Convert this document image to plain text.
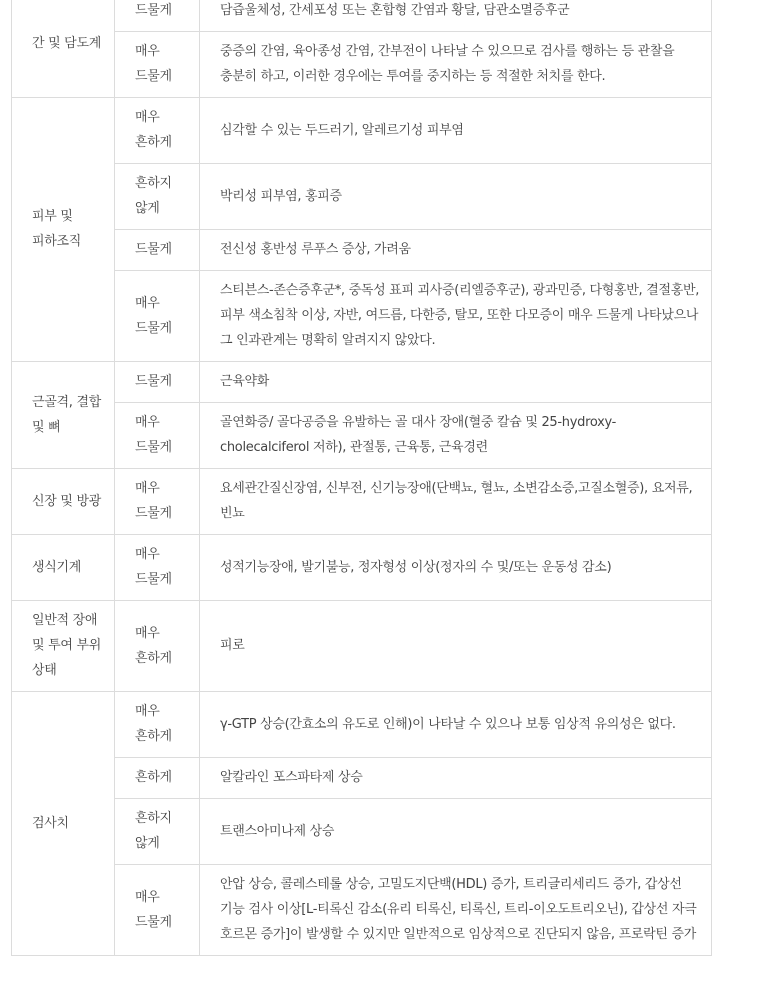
간 및 담도계	드물게	담즙울체성, 간세포성 또는 혼합형 간염과 황달, 담관소멸증후군
	매우 드물게	중증의 간염, 육아종성 간염, 간부전이 나타날 수 있으므로 검사를 행하는 등 관찰을 충분히 하고, 이러한 경우에는 투여를 중지하는 등 적절한 처치를 한다.
피부 및 피하조직	매우 흔하게	심각할 수 있는 두드러기, 알레르기성 피부염
	흔하지 않게	박리성 피부염, 홍피증
	드물게	전신성 홍반성 루푸스 증상, 가려움
	매우 드물게	스티븐스-존슨증후군*, 중독성 표피 괴사증(리엘증후군), 광과민증, 다형홍반, 결절홍반, 피부 색소침착 이상, 자반, 여드름, 다한증, 탈모, 또한 다모증이 매우 드물게 나타났으나 그 인과관계는 명확히 알려지지 않았다.
근골격, 결합 및 뼈	드물게	근육약화
	매우 드물게	골연화증/ 골다공증을 유발하는 골 대사 장애(혈중 칼슘 및 25-hydroxy-cholecalciferol 저하), 관절통, 근육통, 근육경련
신장 및 방광	매우 드물게	요세관간질신장염, 신부전, 신기능장애(단백뇨, 혈뇨, 소변감소증,고질소혈증), 요저류, 빈뇨
생식기계	매우 드물게	성적기능장애, 발기불능, 정자형성 이상(정자의 수 및/또는 운동성 감소)
일반적 장애 및 투여 부위 상태	매우 흔하게	피로
검사치	매우 흔하게	γ-GTP 상승(간효소의 유도로 인해)이 나타날 수 있으나 보통 임상적 유의성은 없다.
	흔하게	알칼라인 포스파타제 상승
	흔하지 않게	트랜스아미나제 상승
	매우 드물게	안압 상승, 콜레스테롤 상승, 고밀도지단백(HDL) 증가, 트리글리세리드 증가, 갑상선 기능 검사 이상[L-티록신 감소(유리 티록신, 티록신, 트리-이오도트리오닌), 갑상선 자극 호르몬 증가]이 발생할 수 있지만 일반적으로 임상적으로 진단되지 않음, 프로락틴 증가
